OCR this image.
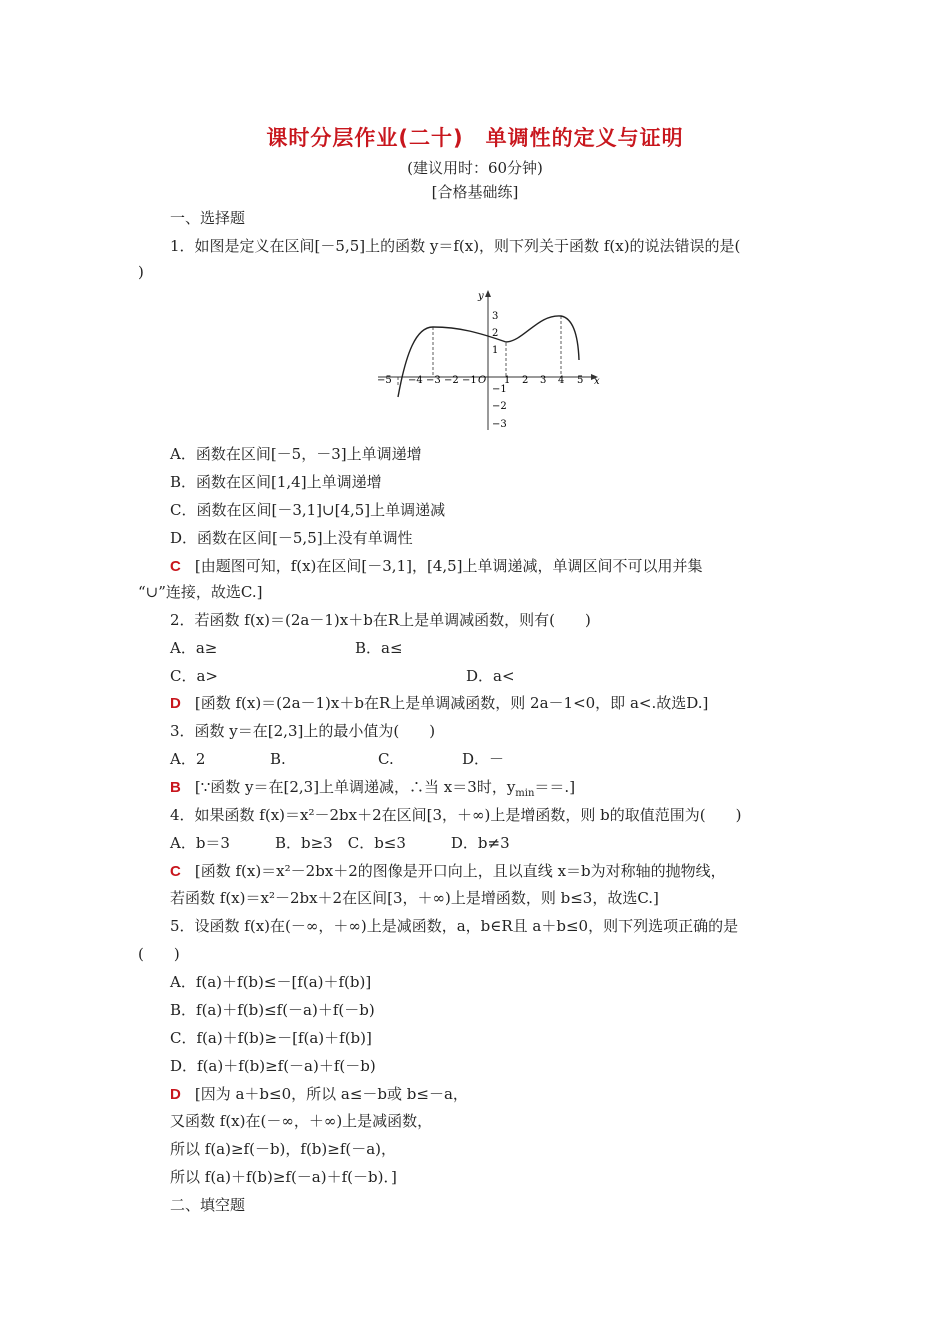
课时分层作业(二十)　单调性的定义与证明
(建议用时：60分钟)
[合格基础练]
一、选择题
1．如图是定义在区间[－5,5]上的函数 y＝f(x)，则下列关于函数 f(x)的说法错误的是(
)
y
x
−5 −4 −3 −2 −1 O 1 2 3 4 5
3
2
1
−1
−2
−3
A．函数在区间[－5，－3]上单调递增
B．函数在区间[1,4]上单调递增
C．函数在区间[－3,1]∪[4,5]上单调递减
D．函数在区间[－5,5]上没有单调性
C [由题图可知，f(x)在区间[－3,1]，[4,5]上单调递减，单调区间不可以用并集
“∪”连接，故选C.]
2．若函数 f(x)＝(2a－1)x＋b在R上是单调减函数，则有(　　)
A．a≥	B．a≤
C．a>	D．a<
D [函数 f(x)＝(2a－1)x＋b在R上是单调减函数，则 2a－1<0，即 a<.故选D.]
3．函数 y＝在[2,3]上的最小值为(　　)
A．2	B.	C.	D．－
B [∵函数 y＝在[2,3]上单调递减，∴当 x＝3时，$y_{min}==$.]
4．如果函数 f(x)＝x²－2bx＋2在区间[3，＋∞)上是增函数，则 b的取值范围为(　　)
A．b＝3　　　B．b≥3　C．b≤3　　　D．b≠3
C [函数 f(x)＝x²－2bx＋2的图像是开口向上，且以直线 x＝b为对称轴的抛物线，
若函数 f(x)＝x²－2bx＋2在区间[3，＋∞)上是增函数，则 b≤3，故选C.]
5．设函数 f(x)在(－∞，＋∞)上是减函数，a，b∈R且 a＋b≤0，则下列选项正确的是
(　　)
A．f(a)＋f(b)≤－[f(a)＋f(b)]
B．f(a)＋f(b)≤f(－a)＋f(－b)
C．f(a)＋f(b)≥－[f(a)＋f(b)]
D．f(a)＋f(b)≥f(－a)＋f(－b)
D [因为 a＋b≤0，所以 a≤－b或 b≤－a，
又函数 f(x)在(－∞，＋∞)上是减函数，
所以 f(a)≥f(－b)，f(b)≥f(－a)，
所以 f(a)＋f(b)≥f(－a)＋f(－b)．]
二、填空题
